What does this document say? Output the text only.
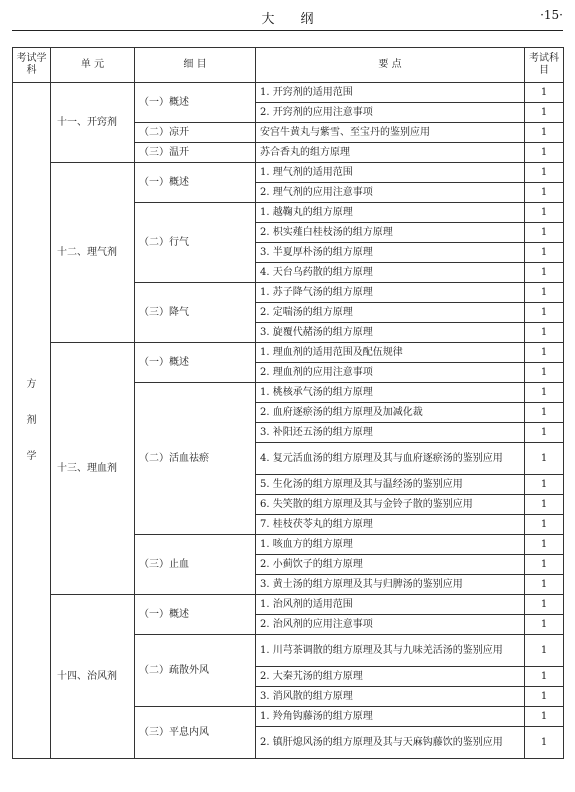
大纲	·15·
考试学科	单 元	细 目	要 点	考试科目
方剂学	十一、开窍剂	（一）概述	1. 开窍剂的适用范围	1
			2. 开窍剂的应用注意事项	1
		（二）凉开	安宫牛黄丸与紫雪、至宝丹的鉴别应用	1
		（三）温开	苏合香丸的组方原理	1
	十二、理气剂	（一）概述	1. 理气剂的适用范围	1
			2. 理气剂的应用注意事项	1
		（二）行气	1. 越鞠丸的组方原理	1
			2. 枳实薤白桂枝汤的组方原理	1
			3. 半夏厚朴汤的组方原理	1
			4. 天台乌药散的组方原理	1
		（三）降气	1. 苏子降气汤的组方原理	1
			2. 定喘汤的组方原理	1
			3. 旋覆代赭汤的组方原理	1
	十三、理血剂	（一）概述	1. 理血剂的适用范围及配伍规律	1
			2. 理血剂的应用注意事项	1
		（二）活血祛瘀	1. 桃核承气汤的组方原理	1
			2. 血府逐瘀汤的组方原理及加减化裁	1
			3. 补阳还五汤的组方原理	1
			4. 复元活血汤的组方原理及其与血府逐瘀汤的鉴别应用	1
			5. 生化汤的组方原理及其与温经汤的鉴别应用	1
			6. 失笑散的组方原理及其与金铃子散的鉴别应用	1
			7. 桂枝茯苓丸的组方原理	1
		（三）止血	1. 咳血方的组方原理	1
			2. 小蓟饮子的组方原理	1
			3. 黄土汤的组方原理及其与归脾汤的鉴别应用	1
	十四、治风剂	（一）概述	1. 治风剂的适用范围	1
			2. 治风剂的应用注意事项	1
		（二）疏散外风	1. 川芎茶调散的组方原理及其与九味羌活汤的鉴别应用	1
			2. 大秦艽汤的组方原理	1
			3. 消风散的组方原理	1
		（三）平息内风	1. 羚角钩藤汤的组方原理	1
			2. 镇肝熄风汤的组方原理及其与天麻钩藤饮的鉴别应用	1
